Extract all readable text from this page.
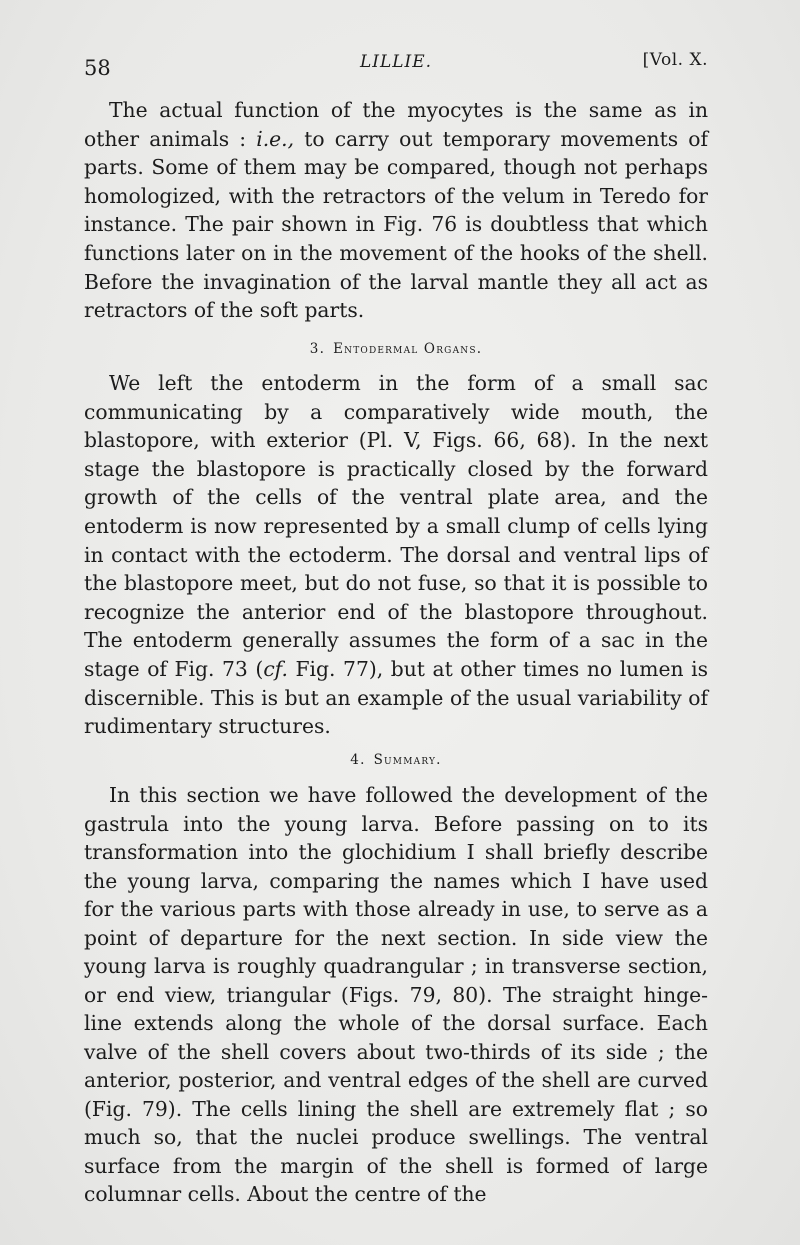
58	LILLIE.	[Vol. X.

The actual function of the myocytes is the same as in other animals : i.e., to carry out temporary movements of parts. Some of them may be compared, though not perhaps homologized, with the retractors of the velum in Teredo for instance. The pair shown in Fig. 76 is doubtless that which functions later on in the movement of the hooks of the shell. Before the invagination of the larval mantle they all act as retractors of the soft parts.

3. Entodermal Organs.

We left the entoderm in the form of a small sac communicating by a comparatively wide mouth, the blastopore, with exterior (Pl. V, Figs. 66, 68). In the next stage the blastopore is practically closed by the forward growth of the cells of the ventral plate area, and the entoderm is now represented by a small clump of cells lying in contact with the ectoderm. The dorsal and ventral lips of the blastopore meet, but do not fuse, so that it is possible to recognize the anterior end of the blastopore throughout. The entoderm generally assumes the form of a sac in the stage of Fig. 73 (cf. Fig. 77), but at other times no lumen is discernible. This is but an example of the usual variability of rudimentary structures.

4. Summary.

In this section we have followed the development of the gastrula into the young larva. Before passing on to its transformation into the glochidium I shall briefly describe the young larva, comparing the names which I have used for the various parts with those already in use, to serve as a point of departure for the next section. In side view the young larva is roughly quadrangular ; in transverse section, or end view, triangular (Figs. 79, 80). The straight hinge-line extends along the whole of the dorsal surface. Each valve of the shell covers about two-thirds of its side ; the anterior, posterior, and ventral edges of the shell are curved (Fig. 79). The cells lining the shell are extremely flat ; so much so, that the nuclei produce swellings. The ventral surface from the margin of the shell is formed of large columnar cells. About the centre of the
